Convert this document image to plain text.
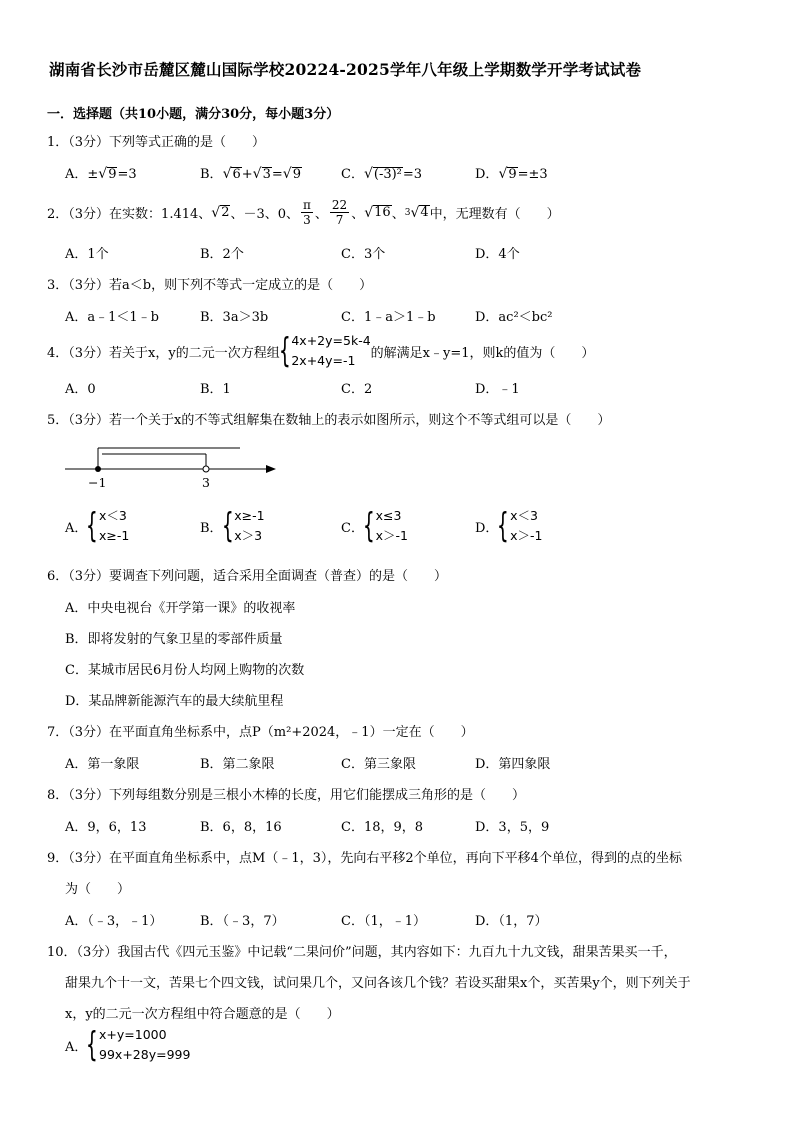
湖南省长沙市岳麓区麓山国际学校20224-2025学年八年级上学期数学开学考试试卷
一．选择题（共10小题，满分30分，每小题3分）
1．（3分）下列等式正确的是（　　）
A．±√9=3	B．√6+√3=√9	C．√(-3)²=3	D．√9=±3
2．（3分）在实数：1.414、 √ 2 、－3、0、 $\frac{\pi}{3}$ 、 $\frac{22}{7}$ 、 √ 16 、 3 √ 4 中，无理数有（　　）
A．1个	B．2个	C．3个	D．4个
3．（3分）若a＜b，则下列不等式一定成立的是（　　）
A．a﹣1＜1﹣b	B．3a＞3b	C．1﹣a＞1﹣b	D．ac²＜bc²
4．（3分）若关于x，y的二元一次方程组
{ 4x+2y=5k-4
2x+4y=-1	的解满足x﹣y=1，则k的值为（　　）
A．0	B．1	C．2	D．﹣1
5．（3分）若一个关于x的不等式组解集在数轴上的表示如图所示，则这个不等式组可以是（　　）
−1	3
A．
{ x＜3
x≥-1	B．
{ x≥-1
x＞3	C．
{ x≤3
x＞-1	D．
{ x＜3
x＞-1
6．（3分）要调查下列问题，适合采用全面调查（普查）的是（　　）
A．中央电视台《开学第一课》的收视率
B．即将发射的气象卫星的零部件质量
C．某城市居民6月份人均网上购物的次数
D．某品牌新能源汽车的最大续航里程
7．（3分）在平面直角坐标系中，点P（m²+2024，﹣1）一定在（　　）
A．第一象限	B．第二象限	C．第三象限	D．第四象限
8．（3分）下列每组数分别是三根小木棒的长度，用它们能摆成三角形的是（　　）
A．9，6，13	B．6，8，16	C．18，9，8	D．3，5，9
9．（3分）在平面直角坐标系中，点M（﹣1，3），先向右平移2个单位，再向下平移4个单位，得到的点的坐标
为（　　）
A．（﹣3，﹣1）	B．（﹣3，7）	C．（1，﹣1）	D．（1，7）
10．（3分）我国古代《四元玉鉴》中记载“二果问价”问题，其内容如下：九百九十九文钱，甜果苦果买一千，
甜果九个十一文，苦果七个四文钱，试问果几个，又问各该几个钱？若设买甜果x个，买苦果y个，则下列关于
x，y的二元一次方程组中符合题意的是（　　）
A．
{ x+y=1000
99x+28y=999
